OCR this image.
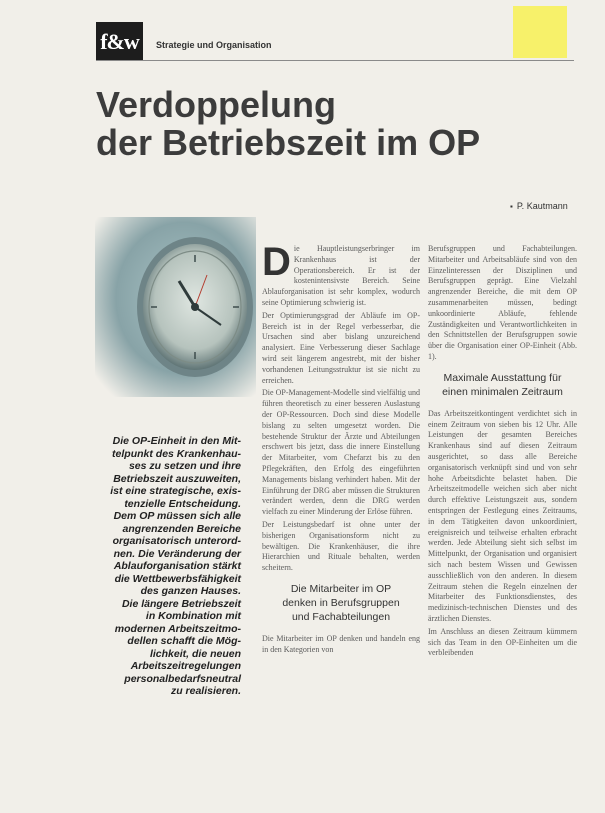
f&w	Strategie und Organisation
Verdoppelung
der Betriebszeit im OP
▪ P. Kautmann
Die OP-Einheit in den Mit-
telpunkt des Krankenhau-
ses zu setzen und ihre
Betriebszeit auszuweiten,
ist eine strategische, exis-
tenzielle Entscheidung.
Dem OP müssen sich alle
angrenzenden Bereiche
organisatorisch unterord-
nen. Die Veränderung der
Ablauforganisation stärkt
die Wettbewerbsfähigkeit
des ganzen Hauses.
Die längere Betriebszeit
in Kombination mit
modernen Arbeitszeitmo-
dellen schafft die Mög-
lichkeit, die neuen
Arbeitszeitregelungen
personalbedarfsneutral
zu realisieren.

Die Hauptleistungserbringer im Krankenhaus ist der Operationsbereich. Er ist der kostenintensivste Bereich. Seine Ablauforganisation ist sehr komplex, wodurch seine Optimierung schwierig ist.

Der Optimierungsgrad der Abläufe im OP-Bereich ist in der Regel verbesserbar, die Ursachen sind aber bislang unzureichend analysiert. Eine Verbesserung dieser Sachlage wird seit längerem angestrebt, mit der bisher vorhandenen Leitungsstruktur ist sie nicht zu erreichen.

Die OP-Management-Modelle sind vielfältig und führen theoretisch zu einer besseren Auslastung der OP-Ressourcen. Doch sind diese Modelle bislang zu selten umgesetzt worden. Die bestehende Struktur der Ärzte und Abteilungen erschwert bis jetzt, dass die innere Einstellung der Mitarbeiter, vom Chefarzt bis zu den Pflegekräften, den Erfolg des eingeführten Managements bislang verhindert haben. Mit der Einführung der DRG aber müssen die Strukturen verändert werden, denn die DRG werden vielfach zu einer Minderung der Erlöse führen.

Der Leistungsbedarf ist ohne unter der bisherigen Organisationsform nicht zu bewältigen. Die Krankenhäuser, die ihre Hierarchien und Rituale behalten, werden scheitern.

Die Mitarbeiter im OP
denken in Berufsgruppen
und Fachabteilungen

Die Mitarbeiter im OP denken und handeln eng in den Kategorien von

Berufsgruppen und Fachabteilungen. Mitarbeiter und Arbeitsabläufe sind von den Einzelinteressen der Disziplinen und Berufsgruppen geprägt. Eine Vielzahl angrenzender Bereiche, die mit dem OP zusammenarbeiten müssen, bedingt unkoordinierte Abläufe, fehlende Zuständigkeiten und Verantwortlichkeiten in den Schnittstellen der Berufsgruppen sowie über die Organisation einer OP-Einheit (Abb. 1).

Maximale Ausstattung für
einen minimalen Zeitraum

Das Arbeitszeitkontingent verdichtet sich in einem Zeitraum von sieben bis 12 Uhr. Alle Leistungen der gesamten Bereiches Krankenhaus sind auf diesen Zeitraum ausgerichtet, so dass alle Bereiche organisatorisch verknüpft sind und von sehr hohe Arbeitsdichte belastet haben. Die Arbeitszeitmodelle weichen sich aber nicht durch effektive Leistungszeit aus, sondern entspringen der Festlegung eines Zeitraums, in dem Tätigkeiten davon unkoordiniert, ereignisreich und teilweise erhalten erbracht werden. Jede Abteilung sieht sich selbst im Mittelpunkt, der Organisation und organisiert sich nach bestem Wissen und Gewissen ausschließlich von den anderen. In diesem Zeitraum stehen die Regeln einzelnen der Mitarbeiter des Funktionsdienstes, des medizinisch-technischen Dienstes und des ärztlichen Dienstes.

Im Anschluss an diesen Zeitraum kümmern sich das Team in den OP-Einheiten um die verbleibenden
